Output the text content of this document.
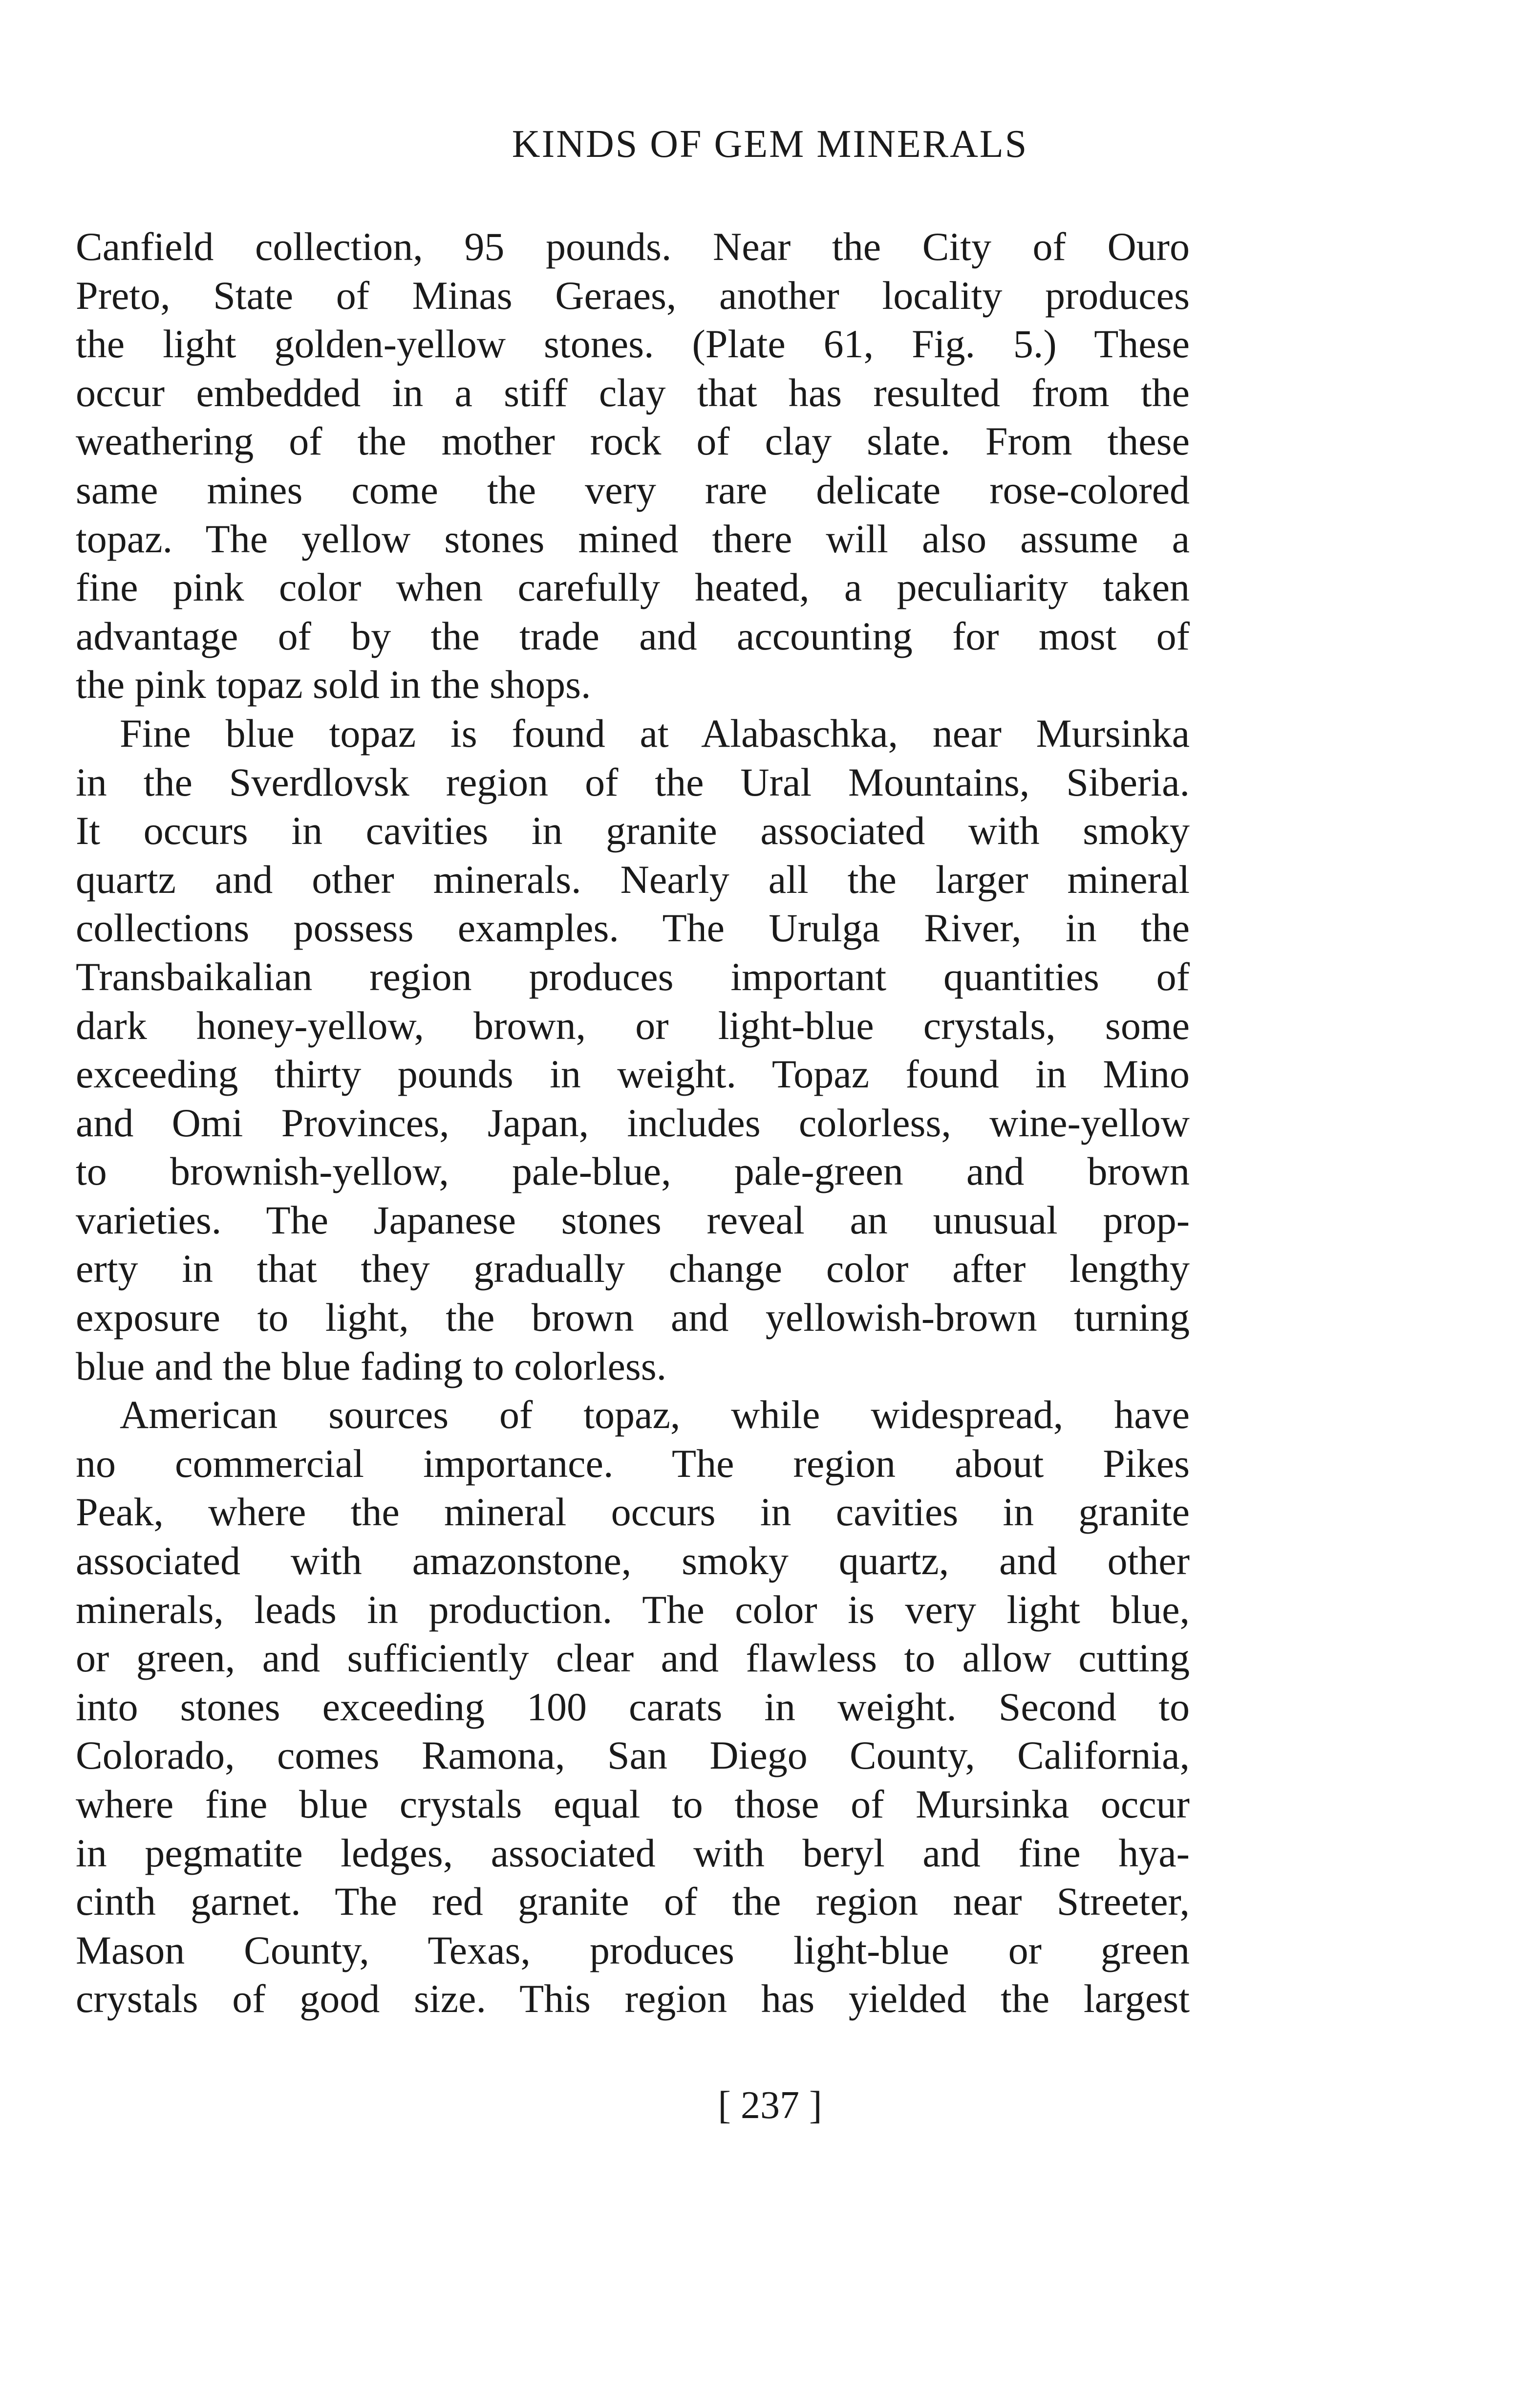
KINDS OF GEM MINERALS
Canfield collection, 95 pounds. Near the City of Ouro
Preto, State of Minas Geraes, another locality produces
the light golden-yellow stones. (Plate 61, Fig. 5.) These
occur embedded in a stiff clay that has resulted from the
weathering of the mother rock of clay slate. From these
same mines come the very rare delicate rose-colored
topaz. The yellow stones mined there will also assume a
fine pink color when carefully heated, a peculiarity taken
advantage of by the trade and accounting for most of
the pink topaz sold in the shops.
Fine blue topaz is found at Alabaschka, near Mursinka
in the Sverdlovsk region of the Ural Mountains, Siberia.
It occurs in cavities in granite associated with smoky
quartz and other minerals. Nearly all the larger mineral
collections possess examples. The Urulga River, in the
Transbaikalian region produces important quantities of
dark honey-yellow, brown, or light-blue crystals, some
exceeding thirty pounds in weight. Topaz found in Mino
and Omi Provinces, Japan, includes colorless, wine-yellow
to brownish-yellow, pale-blue, pale-green and brown
varieties. The Japanese stones reveal an unusual prop-
erty in that they gradually change color after lengthy
exposure to light, the brown and yellowish-brown turning
blue and the blue fading to colorless.
American sources of topaz, while widespread, have
no commercial importance. The region about Pikes
Peak, where the mineral occurs in cavities in granite
associated with amazonstone, smoky quartz, and other
minerals, leads in production. The color is very light blue,
or green, and sufficiently clear and flawless to allow cutting
into stones exceeding 100 carats in weight. Second to
Colorado, comes Ramona, San Diego County, California,
where fine blue crystals equal to those of Mursinka occur
in pegmatite ledges, associated with beryl and fine hya-
cinth garnet. The red granite of the region near Streeter,
Mason County, Texas, produces light-blue or green
crystals of good size. This region has yielded the largest
[ 237 ]
